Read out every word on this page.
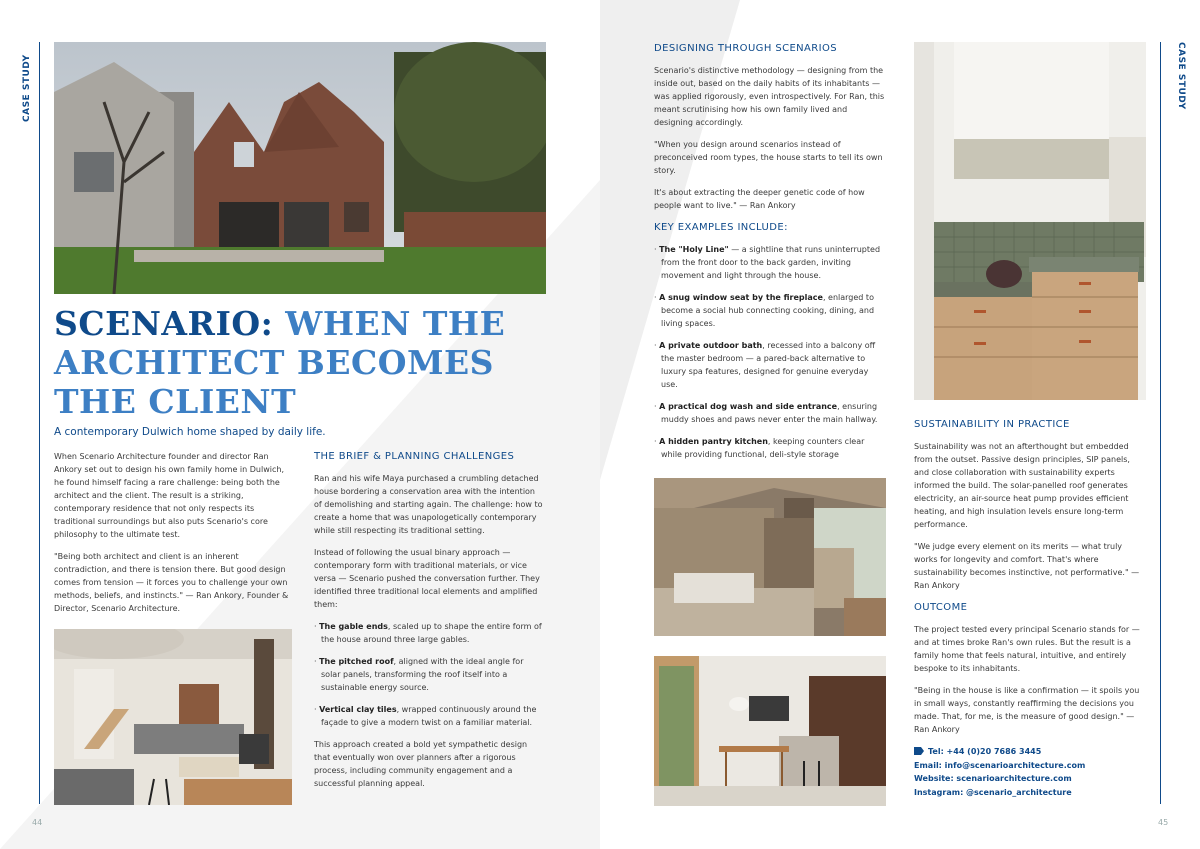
CASE STUDY	CASE STUDY
44	45
SCENARIO: WHEN THE ARCHITECT BECOMES THE CLIENT
A contemporary Dulwich home shaped by daily life.

When Scenario Architecture founder and director Ran Ankory set out to design his own family home in Dulwich, he found himself facing a rare challenge: being both the architect and the client. The result is a striking, contemporary residence that not only respects its traditional surroundings but also puts Scenario's core philosophy to the ultimate test.

"Being both architect and client is an inherent contradiction, and there is tension there. But good design comes from tension — it forces you to challenge your own methods, beliefs, and instincts." — Ran Ankory, Founder & Director, Scenario Architecture.

THE BRIEF & PLANNING CHALLENGES

Ran and his wife Maya purchased a crumbling detached house bordering a conservation area with the intention of demolishing and starting again. The challenge: how to create a home that was unapologetically contemporary while still respecting its traditional setting.

Instead of following the usual binary approach — contemporary form with traditional materials, or vice versa — Scenario pushed the conversation further. They identified three traditional local elements and amplified them:

· The gable ends, scaled up to shape the entire form of the house around three large gables.
· The pitched roof, aligned with the ideal angle for solar panels, transforming the roof itself into a sustainable energy source.
· Vertical clay tiles, wrapped continuously around the façade to give a modern twist on a familiar material.

This approach created a bold yet sympathetic design that eventually won over planners after a rigorous process, including community engagement and a successful planning appeal.

DESIGNING THROUGH SCENARIOS

Scenario's distinctive methodology — designing from the inside out, based on the daily habits of its inhabitants — was applied rigorously, even introspectively. For Ran, this meant scrutinising how his own family lived and designing accordingly.

"When you design around scenarios instead of preconceived room types, the house starts to tell its own story.

It's about extracting the deeper genetic code of how people want to live." — Ran Ankory

KEY EXAMPLES INCLUDE:
· The "Holy Line" — a sightline that runs uninterrupted from the front door to the back garden, inviting movement and light through the house.
· A snug window seat by the fireplace, enlarged to become a social hub connecting cooking, dining, and living spaces.
· A private outdoor bath, recessed into a balcony off the master bedroom — a pared-back alternative to luxury spa features, designed for genuine everyday use.
· A practical dog wash and side entrance, ensuring muddy shoes and paws never enter the main hallway.
· A hidden pantry kitchen, keeping counters clear while providing functional, deli-style storage
SUSTAINABILITY IN PRACTICE

Sustainability was not an afterthought but embedded from the outset. Passive design principles, SIP panels, and close collaboration with sustainability experts informed the build. The solar-panelled roof generates electricity, an air-source heat pump provides efficient heating, and high insulation levels ensure long-term performance.

"We judge every element on its merits — what truly works for longevity and comfort. That's where sustainability becomes instinctive, not performative." — Ran Ankory

OUTCOME

The project tested every principal Scenario stands for — and at times broke Ran's own rules. But the result is a family home that feels natural, intuitive, and entirely bespoke to its inhabitants.

"Being in the house is like a confirmation — it spoils you in small ways, constantly reaffirming the decisions you made. That, for me, is the measure of good design." — Ran Ankory

Tel: +44 (0)20 7686 3445
Email: info@scenarioarchitecture.com
Website: scenarioarchitecture.com
Instagram: @scenario_architecture
